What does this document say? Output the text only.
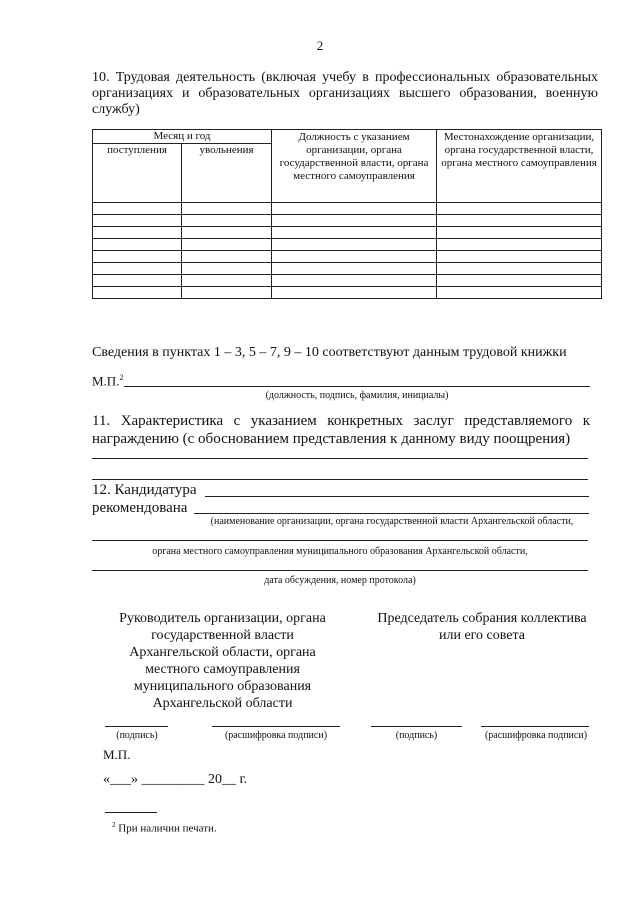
2
10. Трудовая деятельность (включая учебу в профессиональных образовательных организациях и образовательных организациях высшего образования, военную службу)
Месяц и год		Должность с указанием организации, органа государственной власти, органа местного самоуправления	Местонахождение организации, органа государственной власти, органа местного самоуправления
поступления	увольнения		

Сведения в пунктах 1 – 3, 5 – 7, 9 – 10 соответствуют данным трудовой книжки
М.П.$^2$
(должность, подпись, фамилия, инициалы)
11. Характеристика с указанием конкретных заслуг представляемого к награждению (с обоснованием представления к данному виду поощрения)
12. Кандидатура
рекомендована
(наименование организации, органа государственной власти Архангельской области,
органа местного самоуправления муниципального образования Архангельской области,
дата обсуждения, номер протокола)
Руководитель организации, органа государственной власти Архангельской области, органа местного самоуправления муниципального образования Архангельской области
Председатель собрания коллектива или его совета
(подпись)	(расшифровка подписи)	(подпись)	(расшифровка подписи)
М.П.
«___» _________ 20__ г.
$^2$ При наличии печати.
